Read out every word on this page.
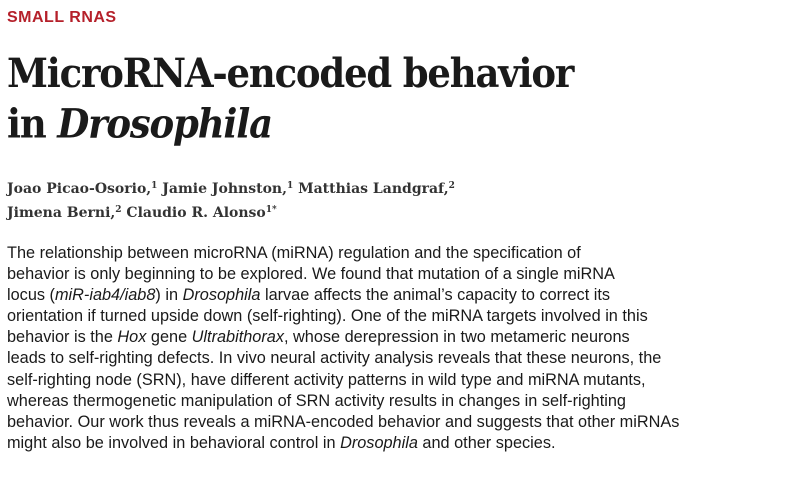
SMALL RNAS
MicroRNA-encoded behavior
in Drosophila
Joao Picao-Osorio,$^1$ Jamie Johnston,$^1$ Matthias Landgraf,$^2$
Jimena Berni,$^2$ Claudio R. Alonso$^{1*}$

The relationship between microRNA (miRNA) regulation and the specification of
behavior is only beginning to be explored. We found that mutation of a single miRNA
locus (miR-iab4/iab8) in Drosophila larvae affects the animal’s capacity to correct its
orientation if turned upside down (self-righting). One of the miRNA targets involved in this
behavior is the Hox gene Ultrabithorax, whose derepression in two metameric neurons
leads to self-righting defects. In vivo neural activity analysis reveals that these neurons, the
self-righting node (SRN), have different activity patterns in wild type and miRNA mutants,
whereas thermogenetic manipulation of SRN activity results in changes in self-righting
behavior. Our work thus reveals a miRNA-encoded behavior and suggests that other miRNAs
might also be involved in behavioral control in Drosophila and other species.
